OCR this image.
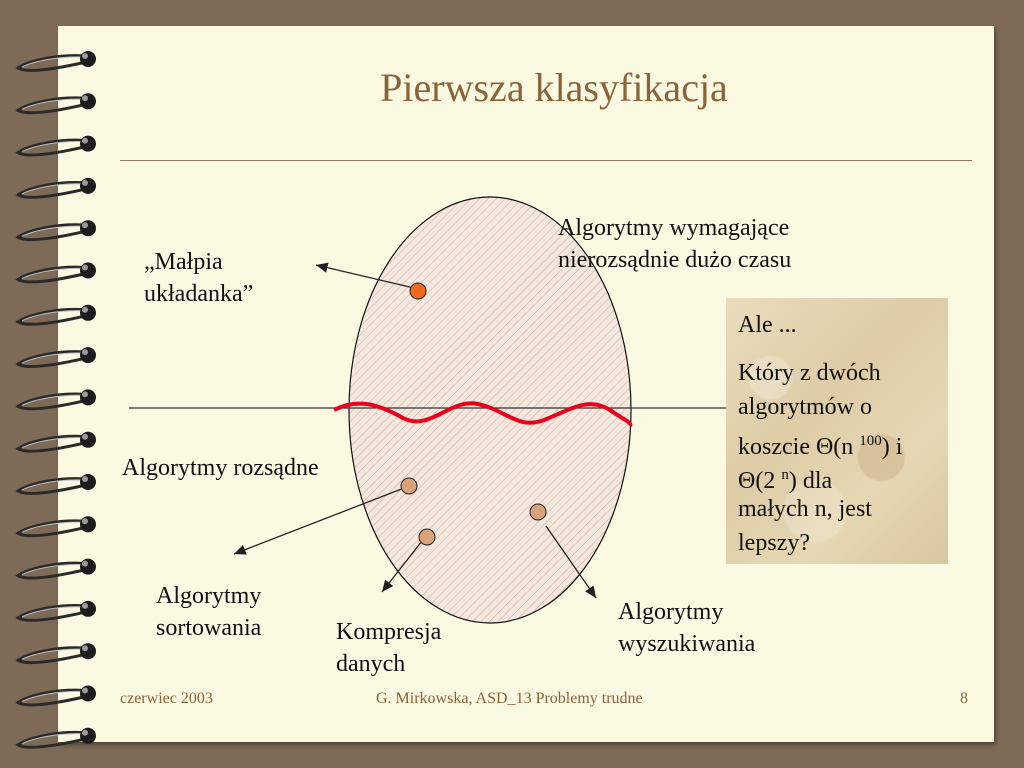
Pierwsza klasyfikacja
„Małpia
układanka”
Algorytmy wymagające
nierozsądnie dużo czasu
Algorytmy rozsądne
Algorytmy
sortowania	Kompresja
danych
Algorytmy
wyszukiwania
Ale ...
Który z dwóch
algorytmów o
koszcie Θ(n $^{100}$) i
Θ(2 $^n$) dla
małych n, jest
lepszy?
czerwiec 2003	G. Mirkowska, ASD_13 Problemy trudne	8
